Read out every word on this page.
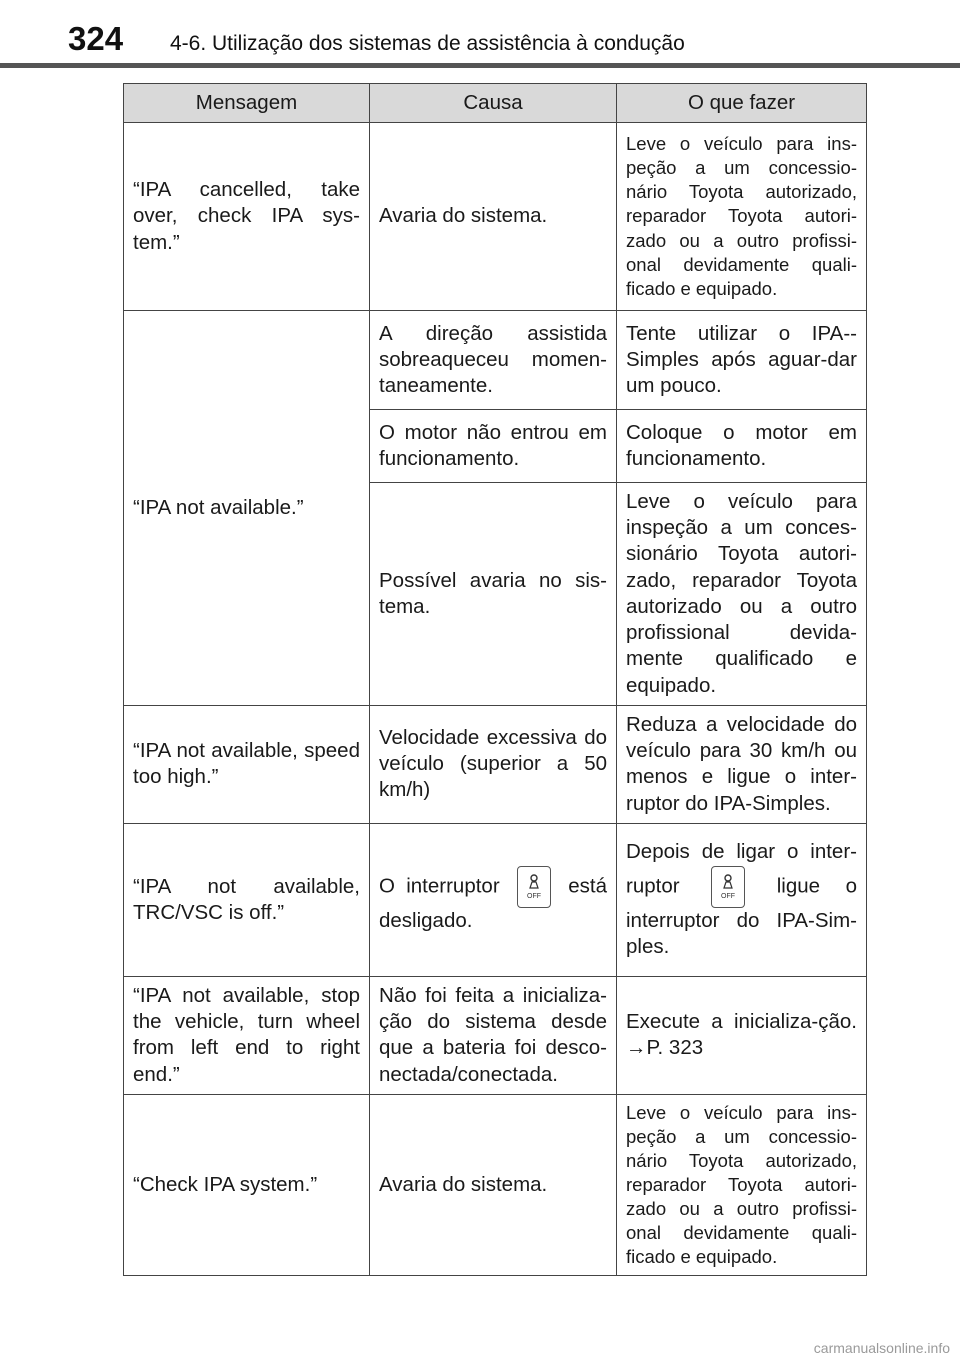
324 4-6. Utilização dos sistemas de assistência à condução
Mensagem	Causa	O que fazer
“IPA cancelled, take over, check IPA sys-tem.”	Avaria do sistema.	Leve o veículo para ins-peção a um concessio-nário Toyota autorizado, reparador Toyota autori-zado ou a outro profissi-onal devidamente quali-ficado e equipado.
“IPA not available.”	A direção assistida sobreaqueceu momen-taneamente.	Tente utilizar o IPA--Simples após aguar-dar um pouco.
	O motor não entrou em funcionamento.	Coloque o motor em funcionamento.
	Possível avaria no sis-tema.	Leve o veículo para inspeção a um conces-sionário Toyota autori-zado, reparador Toyota autorizado ou a outro profissional devida-mente qualificado e equipado.
“IPA not available, speed too high.”	Velocidade excessiva do veículo (superior a 50 km/h)	Reduza a velocidade do veículo para 30 km/h ou menos e ligue o inter-ruptor do IPA-Simples.
“IPA not available, TRC/VSC is off.”	O interruptor OFF está desligado.	Depois de ligar o inter-ruptor OFF ligue o interruptor do IPA-Sim-ples.
“IPA not available, stop the vehicle, turn wheel from left end to right end.”	Não foi feita a inicializa-ção do sistema desde que a bateria foi desco-nectada/conectada.	Execute a inicializa-ção. →P. 323
“Check IPA system.”	Avaria do sistema.	Leve o veículo para ins-peção a um concessio-nário Toyota autorizado, reparador Toyota autori-zado ou a outro profissi-onal devidamente quali-ficado e equipado.
carmanualsonline.info
